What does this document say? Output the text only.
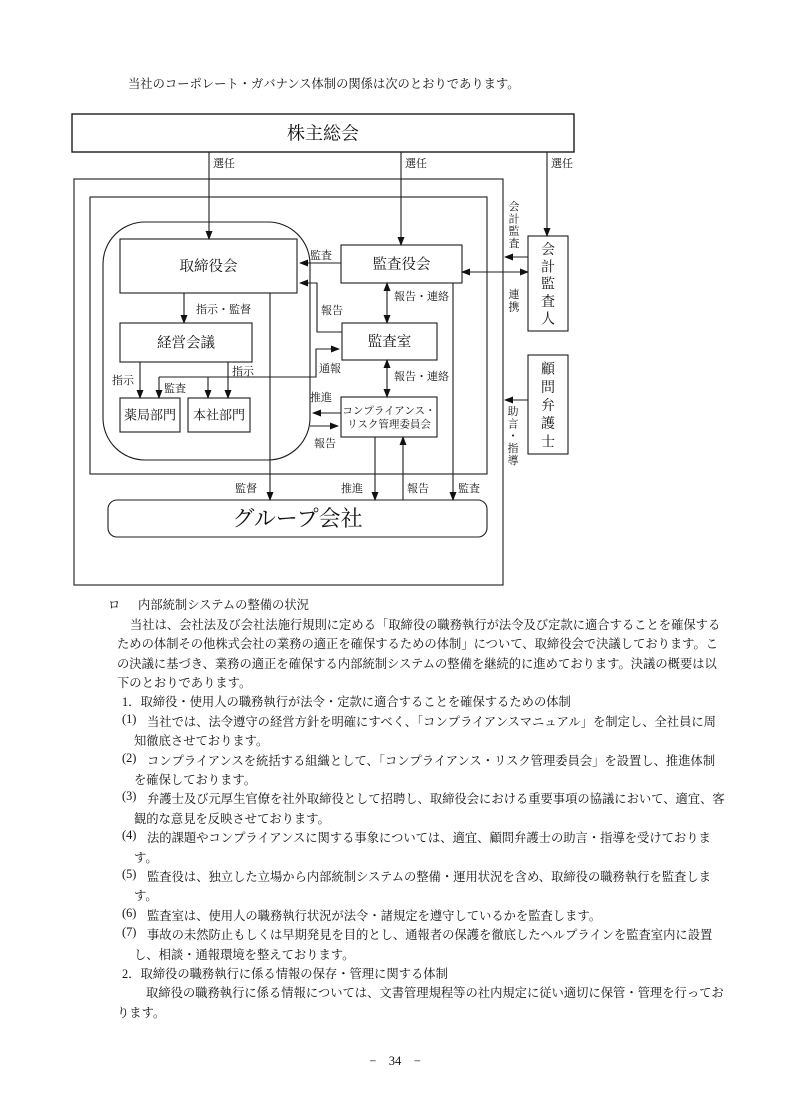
当社のコーポレート・ガバナンス体制の関係は次のとおりであります。
株主総会
取締役会
経営会議
薬局部門 本社部門
監査役会
監査室
コンプライアンス・
リスク管理委員会
グループ会社
会
計
監
査
人
顧
問
弁
護
士
選任	選任	選任
監査
指示・監督	報告
報告・連絡
指示
指示
監査
通報
報告・連絡
推進
報告
監督	推進	報告	監査
会
計
監
査
連
携
助
言
・
指
導
ロ 内部統制システムの整備の状況
当社は、会社法及び会社法施行規則に定める「取締役の職務執行が法令及び定款に適合することを確保する
ための体制その他株式会社の業務の適正を確保するための体制」について、取締役会で決議しております。こ
の決議に基づき、業務の適正を確保する内部統制システムの整備を継続的に進めております。決議の概要は以
下のとおりであります。
1．取締役・使用人の職務執行が法令・定款に適合することを確保するための体制
(1) 当社では、法令遵守の経営方針を明確にすべく、「コンプライアンスマニュアル」を制定し、全社員に周
知徹底させております。
(2) コンプライアンスを統括する組織として、「コンプライアンス・リスク管理委員会」を設置し、推進体制
を確保しております。
(3) 弁護士及び元厚生官僚を社外取締役として招聘し、取締役会における重要事項の協議において、適宜、客
観的な意見を反映させております。
(4) 法的課題やコンプライアンスに関する事象については、適宜、顧問弁護士の助言・指導を受けておりま
す。
(5) 監査役は、独立した立場から内部統制システムの整備・運用状況を含め、取締役の職務執行を監査しま
す。
(6) 監査室は、使用人の職務執行状況が法令・諸規定を遵守しているかを監査します。
(7) 事故の未然防止もしくは早期発見を目的とし、通報者の保護を徹底したヘルプラインを監査室内に設置
し、相談・通報環境を整えております。
2．取締役の職務執行に係る情報の保存・管理に関する体制
取締役の職務執行に係る情報については、文書管理規程等の社内規定に従い適切に保管・管理を行ってお
ります。
−　34　−
